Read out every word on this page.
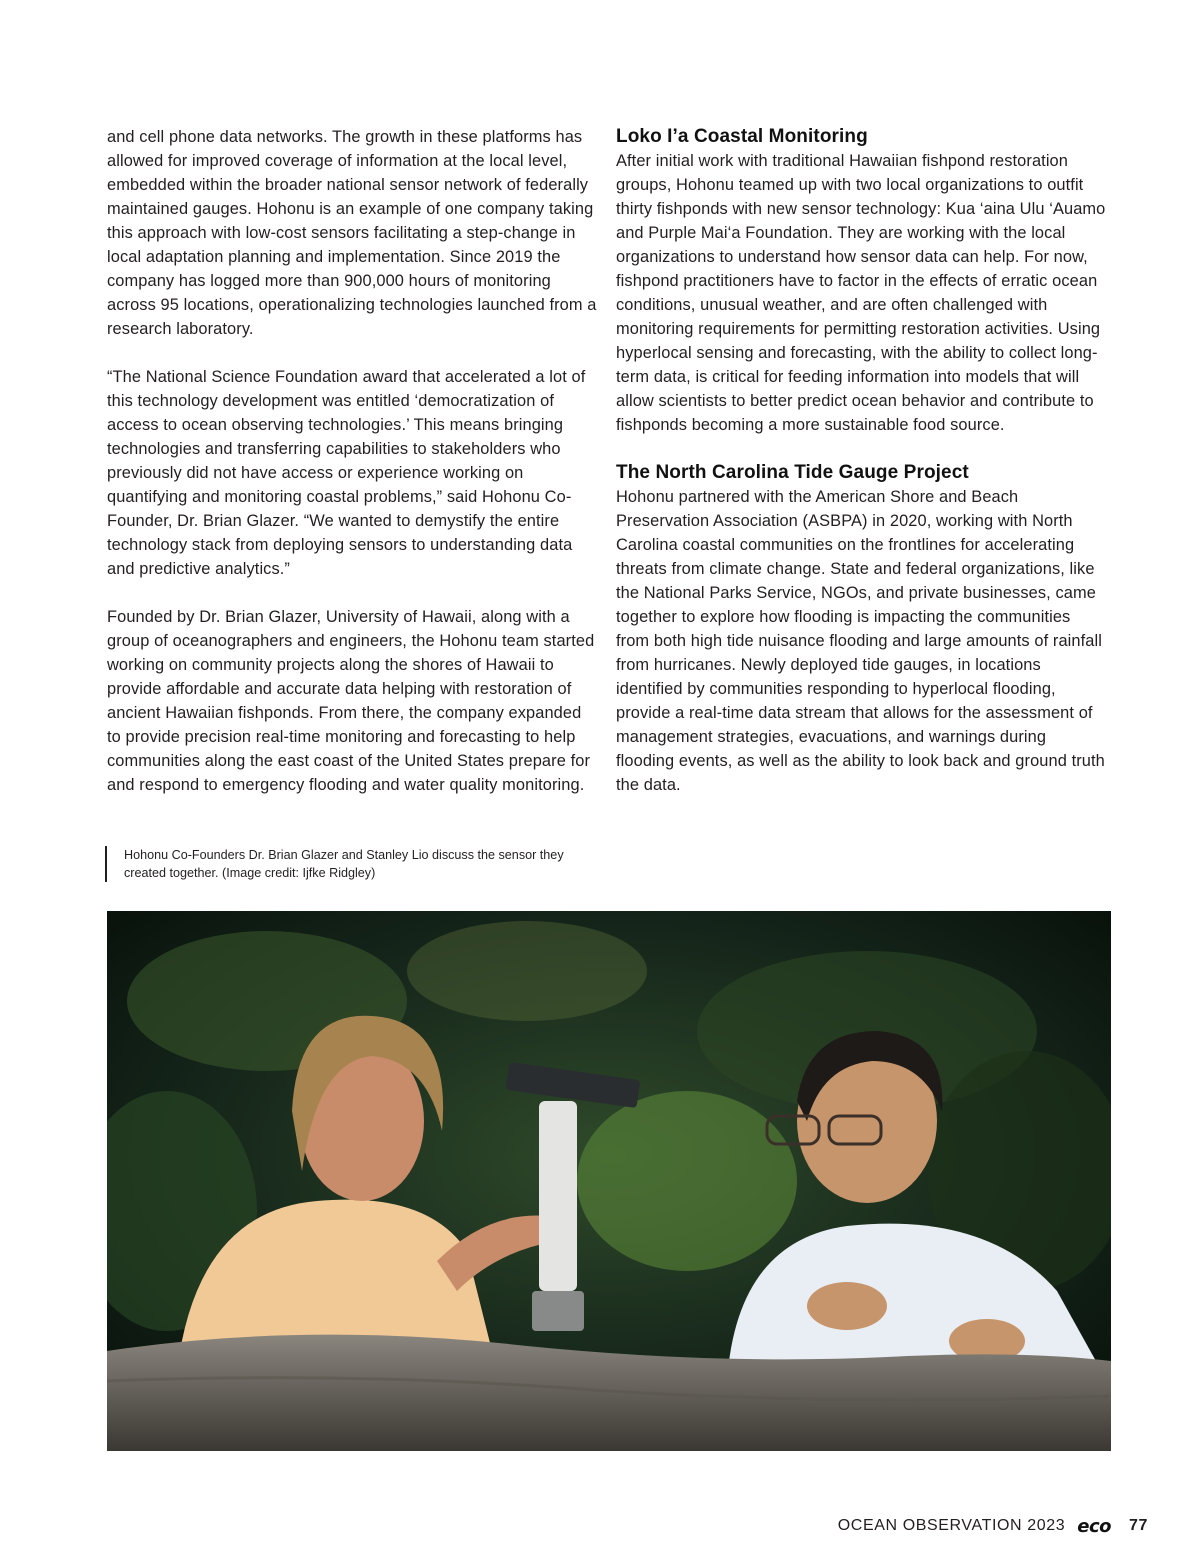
and cell phone data networks. The growth in these platforms has allowed for improved coverage of information at the local level, embedded within the broader national sensor network of federally maintained gauges. Hohonu is an example of one company taking this approach with low-cost sensors facilitating a step-change in local adaptation planning and implementation. Since 2019 the company has logged more than 900,000 hours of monitoring across 95 locations, operationalizing technologies launched from a research laboratory.

“The National Science Foundation award that accelerated a lot of this technology development was entitled ‘democratization of access to ocean observing technologies.’ This means bringing technologies and transferring capabilities to stakeholders who previously did not have access or experience working on quantifying and monitoring coastal problems,” said Hohonu Co-Founder, Dr. Brian Glazer. “We wanted to demystify the entire technology stack from deploying sensors to understanding data and predictive analytics.”

Founded by Dr. Brian Glazer, University of Hawaii, along with a group of oceanographers and engineers, the Hohonu team started working on community projects along the shores of Hawaii to provide affordable and accurate data helping with restoration of ancient Hawaiian fishponds. From there, the company expanded to provide precision real-time monitoring and forecasting to help communities along the east coast of the United States prepare for and respond to emergency flooding and water quality monitoring.

Loko I’a Coastal Monitoring

After initial work with traditional Hawaiian fishpond restoration groups, Hohonu teamed up with two local organizations to outfit thirty fishponds with new sensor technology: Kua ‘aina Ulu ‘Auamo and Purple Mai‘a Foundation. They are working with the local organizations to understand how sensor data can help. For now, fishpond practitioners have to factor in the effects of erratic ocean conditions, unusual weather, and are often challenged with monitoring requirements for permitting restoration activities. Using hyperlocal sensing and forecasting, with the ability to collect long-term data, is critical for feeding information into models that will allow scientists to better predict ocean behavior and contribute to fishponds becoming a more sustainable food source.

The North Carolina Tide Gauge Project

Hohonu partnered with the American Shore and Beach Preservation Association (ASBPA) in 2020, working with North Carolina coastal communities on the frontlines for accelerating threats from climate change. State and federal organizations, like the National Parks Service, NGOs, and private businesses, came together to explore how flooding is impacting the communities from both high tide nuisance flooding and large amounts of rainfall from hurricanes. Newly deployed tide gauges, in locations identified by communities responding to hyperlocal flooding, provide a real-time data stream that allows for the assessment of management strategies, evacuations, and warnings during flooding events, as well as the ability to look back and ground truth the data.

Hohonu Co-Founders Dr. Brian Glazer and Stanley Lio discuss the sensor they created together. (Image credit: Ijfke Ridgley)
OCEAN OBSERVATION 2023 eco 77
